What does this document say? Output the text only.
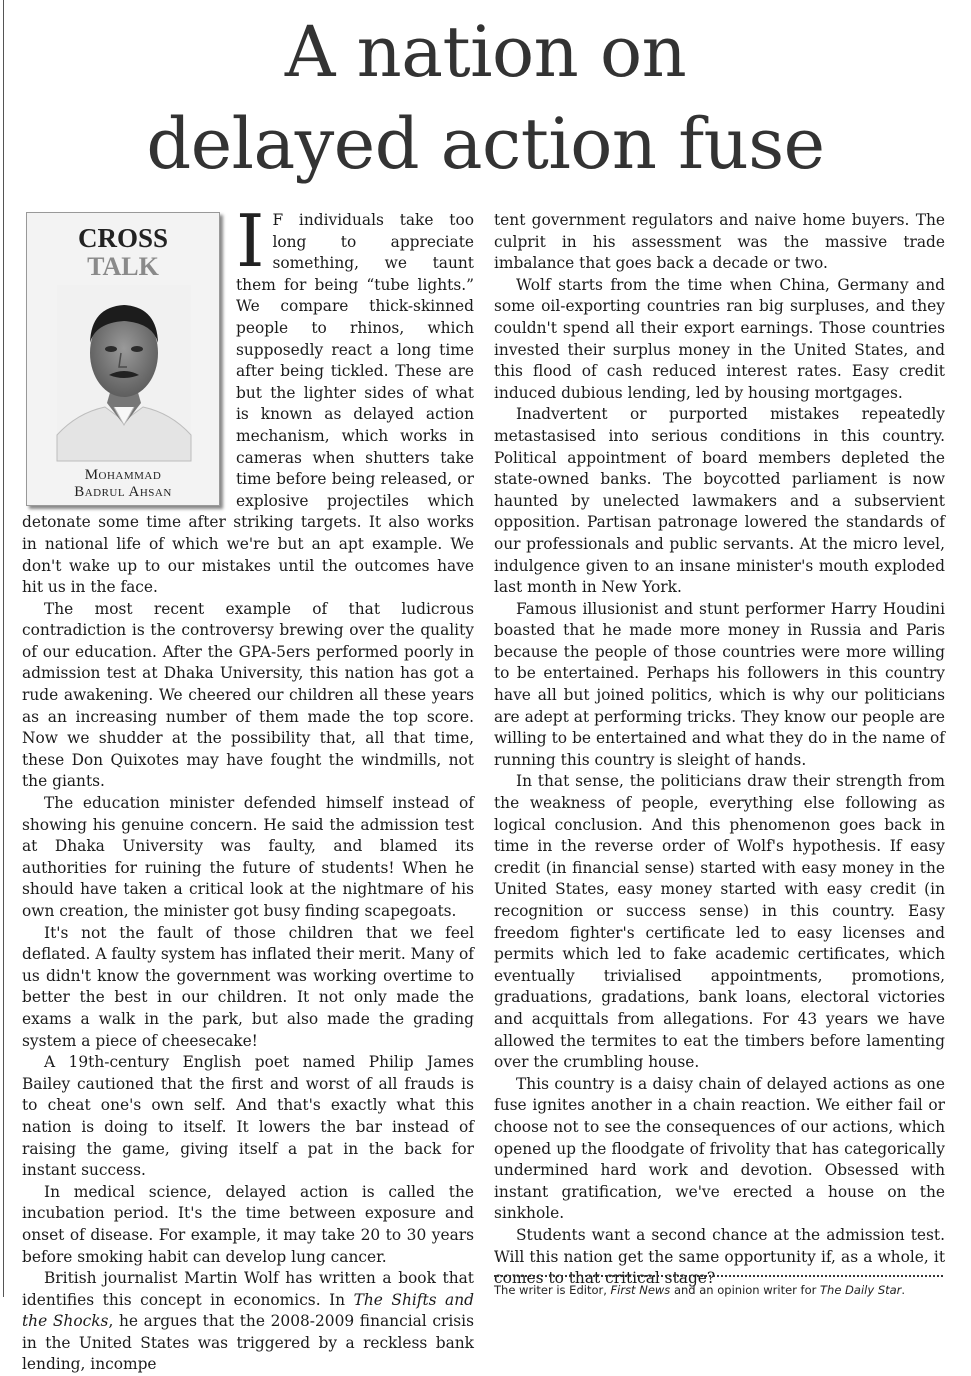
A nation on
delayed action fuse
CROSS
TALK
Mohammad
Badrul Ahsan

I F individuals take too long to appreciate something, we taunt them for being “tube lights.” We compare thick-skinned people to rhinos, which supposedly react a long time after being tickled. These are but the lighter sides of what is known as delayed action mechanism, which works in cameras when shutters take time before being released, or explosive projectiles which detonate some time after striking targets. It also works in national life of which we're but an apt example. We don't wake up to our mistakes until the outcomes have hit us in the face.

The most recent example of that ludicrous contradiction is the controversy brewing over the quality of our education. After the GPA-5ers performed poorly in admission test at Dhaka University, this nation has got a rude awakening. We cheered our children all these years as an increasing number of them made the top score. Now we shudder at the possibility that, all that time, these Don Quixotes may have fought the windmills, not the giants.

The education minister defended himself instead of showing his genuine concern. He said the admission test at Dhaka University was faulty, and blamed its authorities for ruining the future of students! When he should have taken a critical look at the nightmare of his own creation, the minister got busy finding scapegoats.

It's not the fault of those children that we feel deflated. A faulty system has inflated their merit. Many of us didn't know the government was working overtime to better the best in our children. It not only made the exams a walk in the park, but also made the grading system a piece of cheesecake!

A 19th-century English poet named Philip James Bailey cautioned that the first and worst of all frauds is to cheat one's own self. And that's exactly what this nation is doing to itself. It lowers the bar instead of raising the game, giving itself a pat in the back for instant success.

In medical science, delayed action is called the incubation period. It's the time between exposure and onset of disease. For example, it may take 20 to 30 years before smoking habit can develop lung cancer.

British journalist Martin Wolf has written a book that identifies this concept in economics. In The Shifts and the Shocks, he argues that the 2008-2009 financial crisis in the United States was triggered by a reckless bank lending, incompe

tent government regulators and naive home buyers. The culprit in his assessment was the massive trade imbalance that goes back a decade or two.

Wolf starts from the time when China, Germany and some oil-exporting countries ran big surpluses, and they couldn't spend all their export earnings. Those countries invested their surplus money in the United States, and this flood of cash reduced interest rates. Easy credit induced dubious lending, led by housing mortgages.

Inadvertent or purported mistakes repeatedly metastasised into serious conditions in this country. Political appointment of board members depleted the state-owned banks. The boycotted parliament is now haunted by unelected lawmakers and a subservient opposition. Partisan patronage lowered the standards of our professionals and public servants. At the micro level, indulgence given to an insane minister's mouth exploded last month in New York.

Famous illusionist and stunt performer Harry Houdini boasted that he made more money in Russia and Paris because the people of those countries were more willing to be entertained. Perhaps his followers in this country have all but joined politics, which is why our politicians are adept at performing tricks. They know our people are willing to be entertained and what they do in the name of running this country is sleight of hands.

In that sense, the politicians draw their strength from the weakness of people, everything else following as logical conclusion. And this phenomenon goes back in time in the reverse order of Wolf's hypothesis. If easy credit (in financial sense) started with easy money in the United States, easy money started with easy credit (in recognition or success sense) in this country. Easy freedom fighter's certificate led to easy licenses and permits which led to fake academic certificates, which eventually trivialised appointments, promotions, graduations, gradations, bank loans, electoral victories and acquittals from allegations. For 43 years we have allowed the termites to eat the timbers before lamenting over the crumbling house.

This country is a daisy chain of delayed actions as one fuse ignites another in a chain reaction. We either fail or choose not to see the consequences of our actions, which opened up the floodgate of frivolity that has categorically undermined hard work and devotion. Obsessed with instant gratification, we've erected a house on the sinkhole.

Students want a second chance at the admission test. Will this nation get the same opportunity if, as a whole, it comes to that critical stage?

The writer is Editor, First News and an opinion writer for The Daily Star.
